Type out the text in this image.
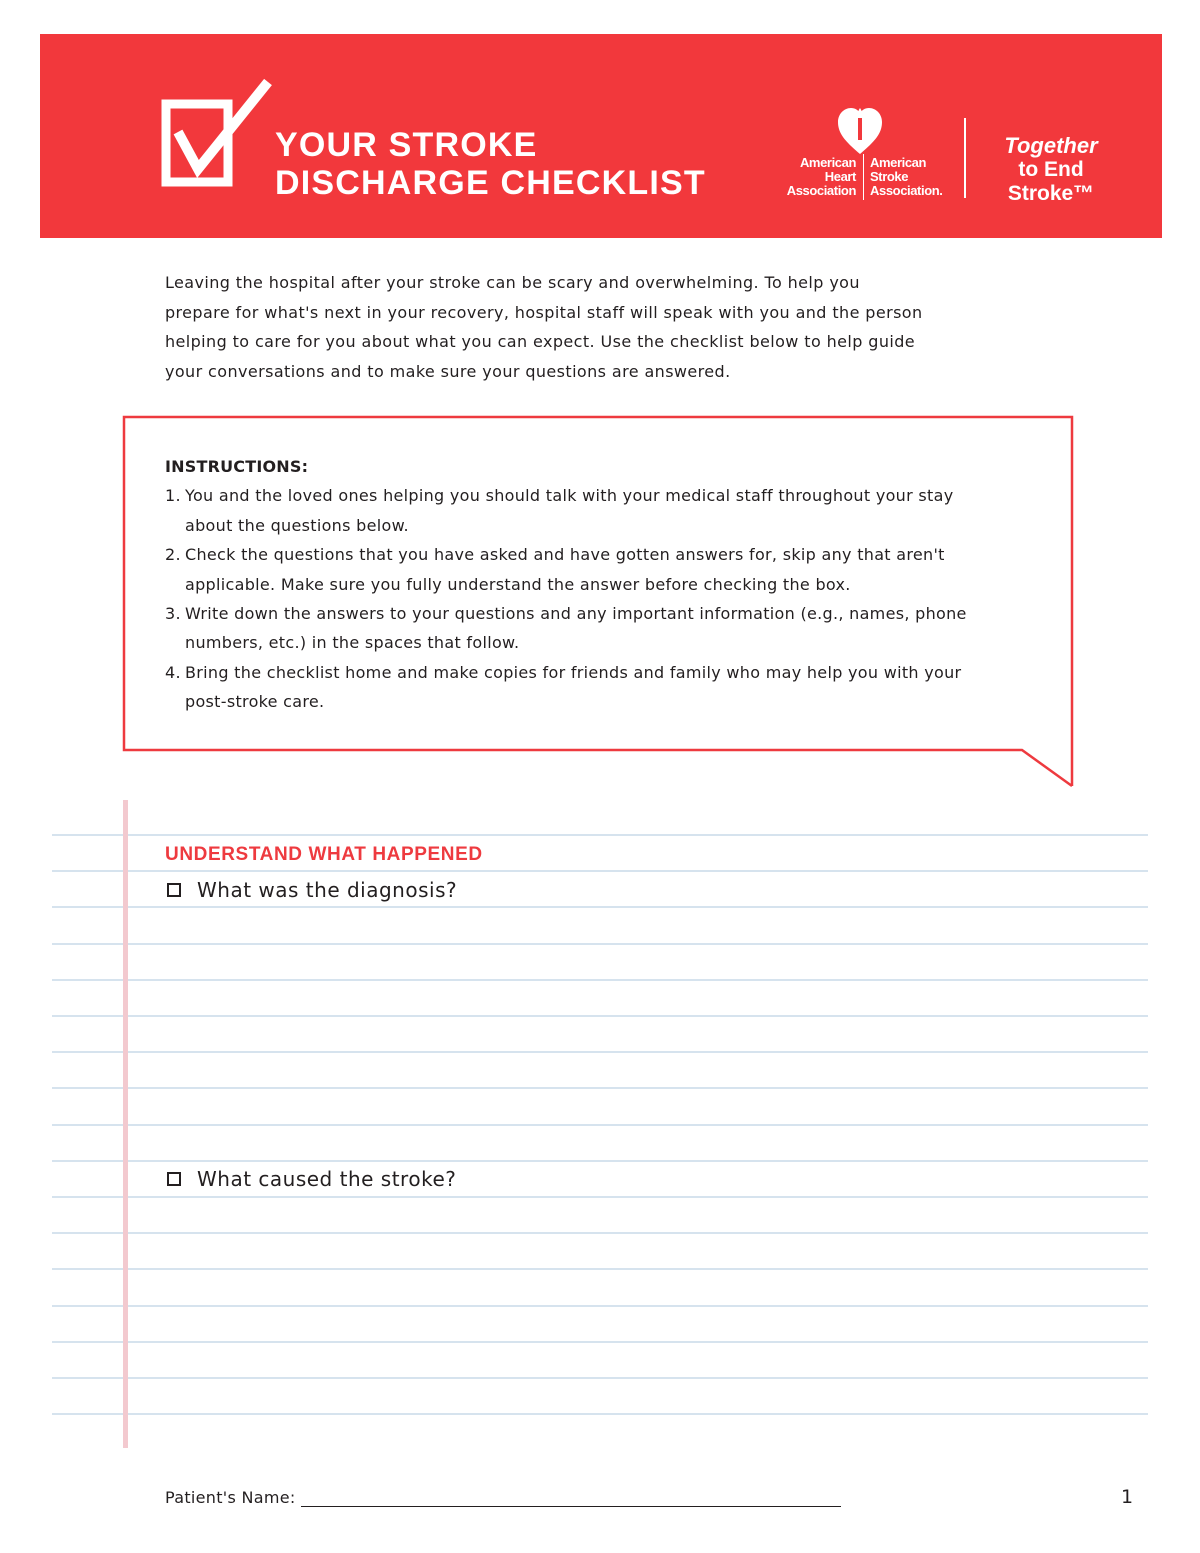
YOUR STROKE
DISCHARGE CHECKLIST
American
Heart
Association
American
Stroke
Association.
Together
to End Stroke™
Leaving the hospital after your stroke can be scary and overwhelming. To help you
prepare for what's next in your recovery, hospital staff will speak with you and the person
helping to care for you about what you can expect. Use the checklist below to help guide
your conversations and to make sure your questions are answered.
INSTRUCTIONS:
1. You and the loved ones helping you should talk with your medical staff throughout your stay
about the questions below.
2. Check the questions that you have asked and have gotten answers for, skip any that aren't
applicable. Make sure you fully understand the answer before checking the box.
3. Write down the answers to your questions and any important information (e.g., names, phone
numbers, etc.) in the spaces that follow.
4. Bring the checklist home and make copies for friends and family who may help you with your
post-stroke care.
UNDERSTAND WHAT HAPPENED
What was the diagnosis?
What caused the stroke?
Patient's Name:	1
